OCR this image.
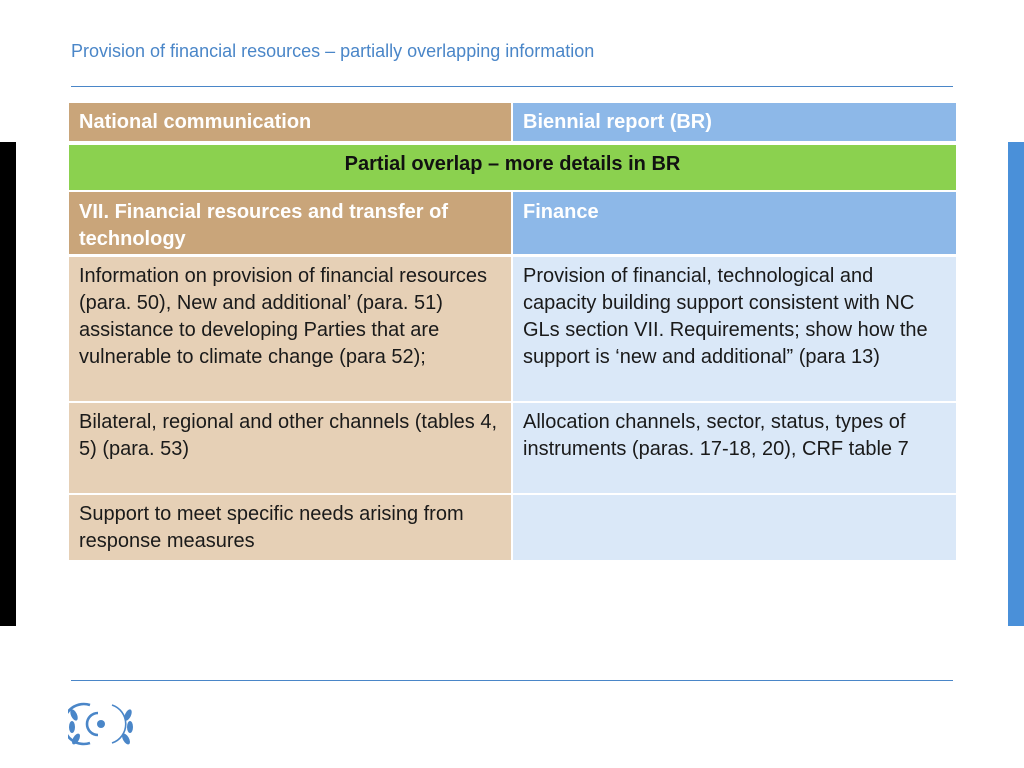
Provision of financial resources – partially overlapping information
National communication	Biennial report (BR)
Partial overlap – more details in BR
VII. Financial resources and transfer of technology
Finance
Information on provision of financial resources (para. 50), New and additional’ (para. 51)
assistance to developing Parties that are vulnerable to climate change (para 52);
Provision of financial, technological and capacity building support consistent with NC GLs section VII. Requirements; show how the support is ‘new and additional” (para 13)
Bilateral, regional and other channels (tables 4, 5) (para. 53)
Allocation channels, sector, status, types of instruments (paras. 17-18, 20), CRF table 7
Support to meet specific needs arising from response measures
